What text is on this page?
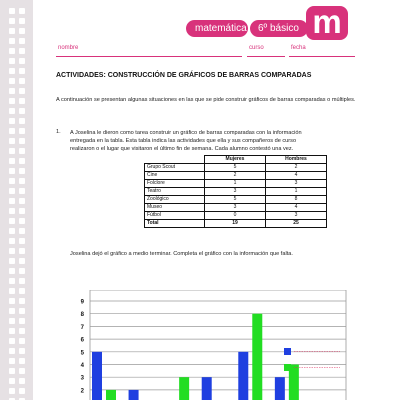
matemática	6º básico m
nombre	curso	fecha
ACTIVIDADES: CONSTRUCCIÓN DE GRÁFICOS DE BARRAS COMPARADAS
A continuación se presentan algunas situaciones en las que se pide construir gráficos de barras comparadas o múltiples.
1. A Joselina le dieron como tarea construir un gráfico de barras comparadas con la información
entregada en la tabla. Esta tabla indica las actividades que ella y sus compañeros de curso
realizaron o el lugar que visitaron el último fin de semana. Cada alumno contestó una vez.
	Mujeres	Hombres
Grupo Scout	5	2
Cine	2	4
Folclore	1	3
Teatro	3	1
Zoológico	5	8
Museo	3	4
Fútbol	0	3
Total	19	25
Joselina dejó el gráfico a medio terminar. Completa el gráfico con la información que falta.
9
8
7
6
5
4
3
2
